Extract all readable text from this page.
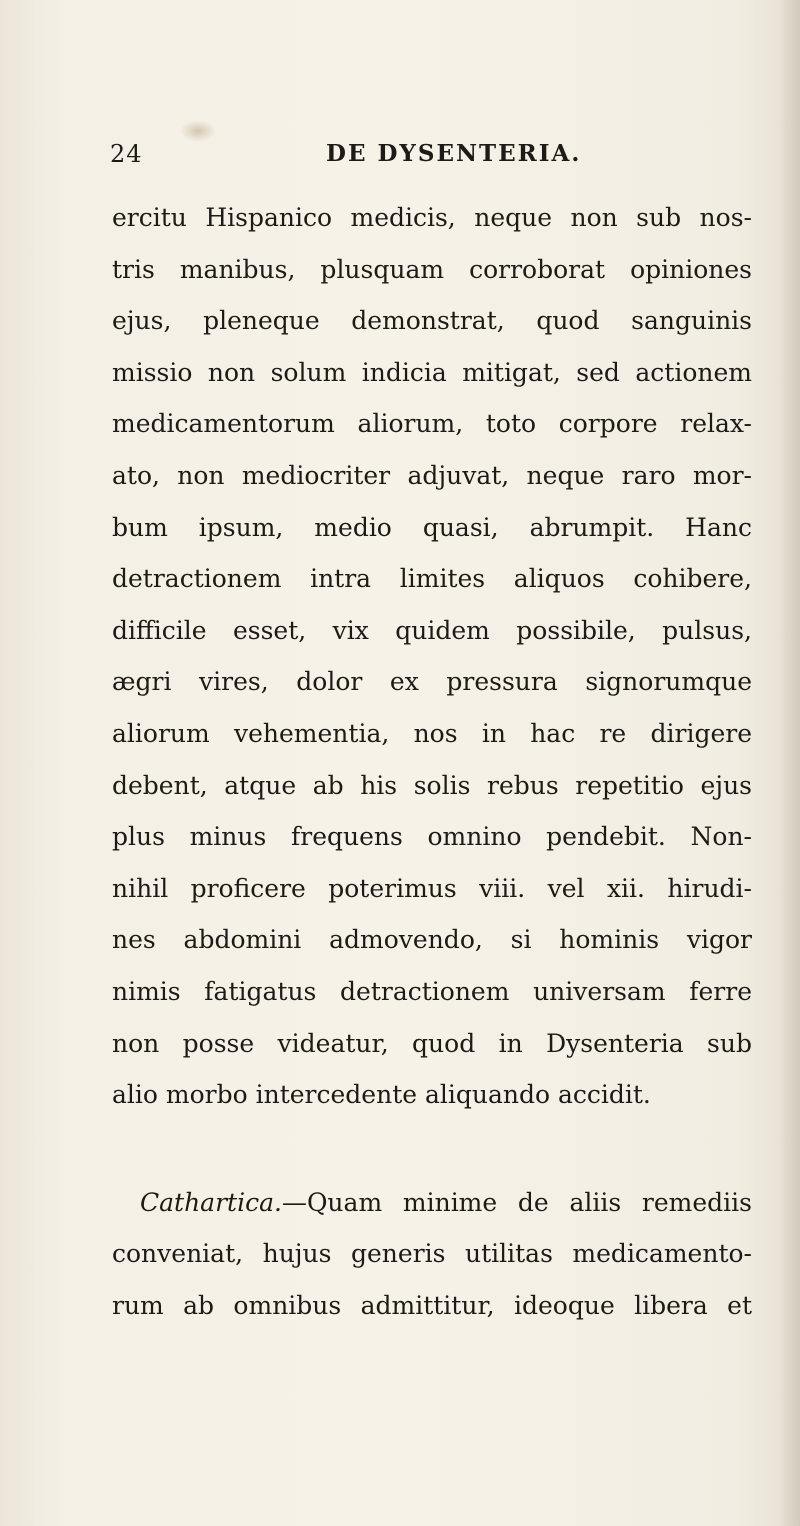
24	DE DYSENTERIA.
ercitu Hispanico medicis, neque non sub nos-
tris manibus, plusquam corroborat opiniones
ejus, pleneque demonstrat, quod sanguinis
missio non solum indicia mitigat, sed actionem
medicamentorum aliorum, toto corpore relax-
ato, non mediocriter adjuvat, neque raro mor-
bum ipsum, medio quasi, abrumpit. Hanc
detractionem intra limites aliquos cohibere,
difficile esset, vix quidem possibile, pulsus,
ægri vires, dolor ex pressura signorumque
aliorum vehementia, nos in hac re dirigere
debent, atque ab his solis rebus repetitio ejus
plus minus frequens omnino pendebit. Non-
nihil proficere poterimus viii. vel xii. hirudi-
nes abdomini admovendo, si hominis vigor
nimis fatigatus detractionem universam ferre
non posse videatur, quod in Dysenteria sub
alio morbo intercedente aliquando accidit.
Cathartica.—Quam minime de aliis remediis
conveniat, hujus generis utilitas medicamento-
rum ab omnibus admittitur, ideoque libera et
